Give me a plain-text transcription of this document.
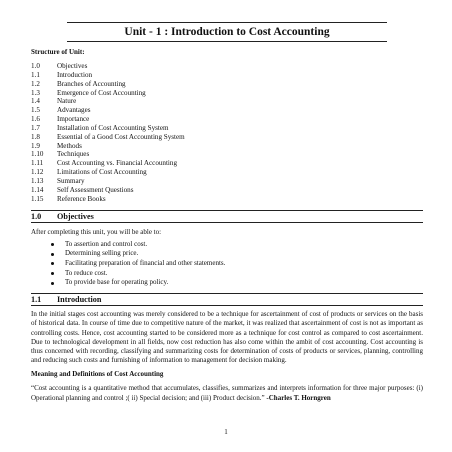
Unit - 1 : Introduction to Cost Accounting
Structure of Unit:
1.0	Objectives
1.1	Introduction
1.2	Branches of Accounting
1.3	Emergence of Cost Accounting
1.4	Nature
1.5	Advantages
1.6	Importance
1.7	Installation of Cost Accounting System
1.8	Essential of a Good Cost Accounting System
1.9	Methods
1.10	Techniques
1.11	Cost Accounting vs. Financial Accounting
1.12	Limitations of Cost Accounting
1.13	Summary
1.14	Self Assessment Questions
1.15	Reference Books
1.0	Objectives

After completing this unit, you will be able to:

To assertion and control cost.
Determining selling price.
Facilitating preparation of financial and other statements.
To reduce cost.
To provide base for operating policy.
1.1	Introduction

In the initial stages cost accounting was merely considered to be a technique for ascertainment of cost of products or services on the basis of historical data. In course of time due to competitive nature of the market, it was realized that ascertainment of cost is not as important as controlling costs. Hence, cost accounting started to be considered more as a technique for cost control as compared to cost ascertainment. Due to technological development in all fields, now cost reduction has also come within the ambit of cost accounting. Cost accounting is thus concerned with recording, classifying and summarizing costs for determination of costs of products or services, planning, controlling and reducing such costs and furnishing of information to management for decision making.

Meaning and Definitions of Cost Accounting

“Cost accounting is a quantitative method that accumulates, classifies, summarizes and interprets information for three major purposes: (i) Operational planning and control ;( ii) Special decision; and (iii) Product decision.” -Charles T. Horngren

1
